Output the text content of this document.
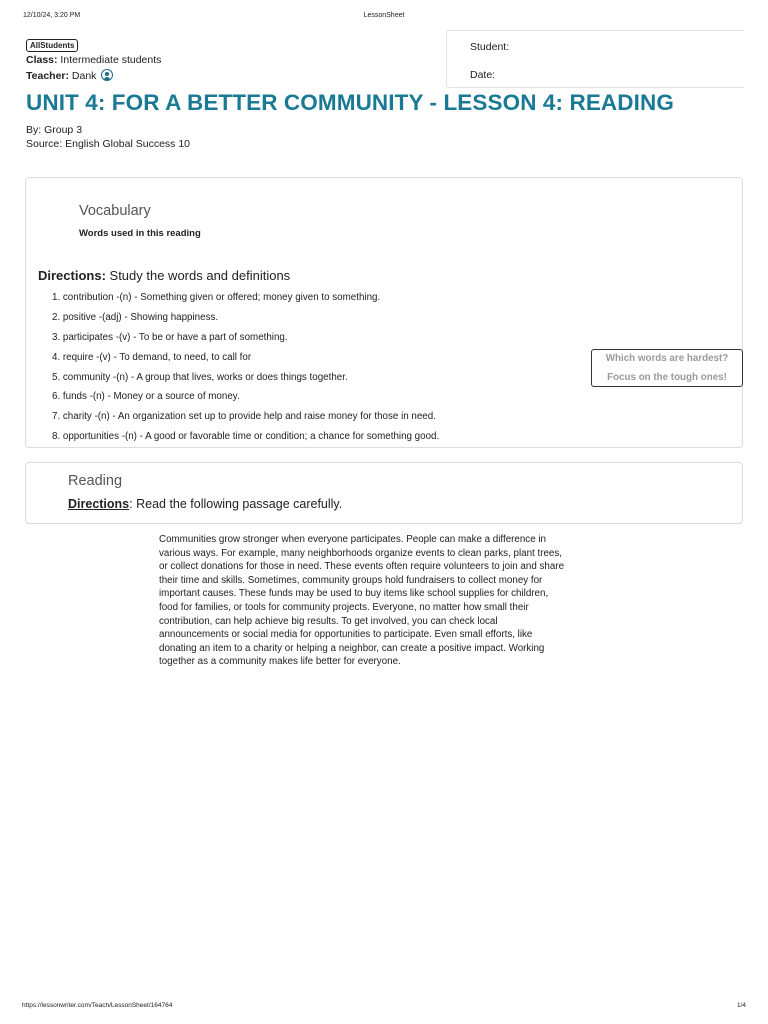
12/10/24, 3:20 PM	LessonSheet
AllStudents
Class: Intermediate students
Teacher: Dank
Student:
Date:
UNIT 4: FOR A BETTER COMMUNITY - LESSON 4: READING
By: Group 3
Source: English Global Success 10
Vocabulary
Words used in this reading
Directions: Study the words and definitions
1. contribution -(n) - Something given or offered; money given to something.
2. positive -(adj) - Showing happiness.
3. participates -(v) - To be or have a part of something.
4. require -(v) - To demand, to need, to call for
5. community -(n) - A group that lives, works or does things together.
6. funds -(n) - Money or a source of money.
7. charity -(n) - An organization set up to provide help and raise money for those in need.
8. opportunities -(n) - A good or favorable time or condition; a chance for something good.
Which words are hardest?
Focus on the tough ones!
Reading
Directions: Read the following passage carefully.
Communities grow stronger when everyone participates. People can make a difference in
various ways. For example, many neighborhoods organize events to clean parks, plant trees,
or collect donations for those in need. These events often require volunteers to join and share
their time and skills. Sometimes, community groups hold fundraisers to collect money for
important causes. These funds may be used to buy items like school supplies for children,
food for families, or tools for community projects. Everyone, no matter how small their
contribution, can help achieve big results. To get involved, you can check local
announcements or social media for opportunities to participate. Even small efforts, like
donating an item to a charity or helping a neighbor, can create a positive impact. Working
together as a community makes life better for everyone.
https://lessonwriter.com/Teach/LessonSheet/164764	1/4
